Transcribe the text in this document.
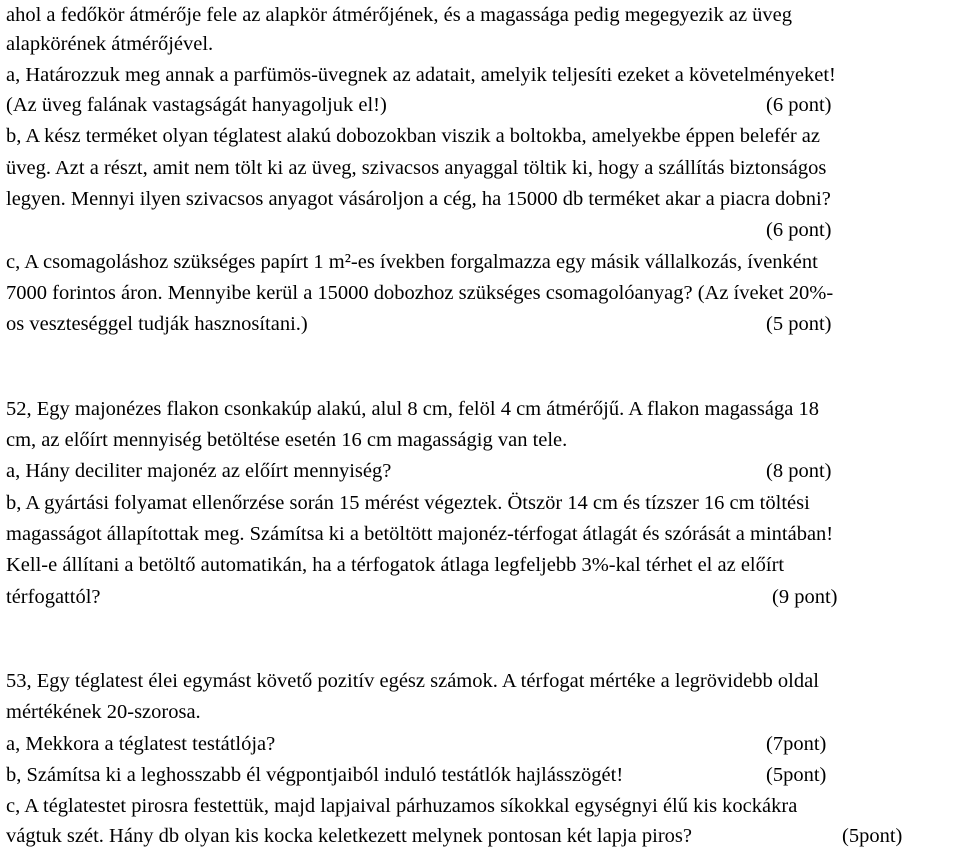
ahol a fedőkör átmérője fele az alapkör átmérőjének, és a magassága pedig megegyezik az üveg
alapkörének átmérőjével.
a, Határozzuk meg annak a parfümös-üvegnek az adatait, amelyik teljesíti ezeket a követelményeket!
(Az üveg falának vastagságát hanyagoljuk el!)	(6 pont)
b, A kész terméket olyan téglatest alakú dobozokban viszik a boltokba, amelyekbe éppen belefér az
üveg. Azt a részt, amit nem tölt ki az üveg, szivacsos anyaggal töltik ki, hogy a szállítás biztonságos
legyen. Mennyi ilyen szivacsos anyagot vásároljon a cég, ha 15000 db terméket akar a piacra dobni?
(6 pont)
c, A csomagoláshoz szükséges papírt 1 m²-es ívekben forgalmazza egy másik vállalkozás, ívenként
7000 forintos áron. Mennyibe kerül a 15000 dobozhoz szükséges csomagolóanyag? (Az íveket 20%-
os veszteséggel tudják hasznosítani.)	(5 pont)
52, Egy majonézes flakon csonkakúp alakú, alul 8 cm, felöl 4 cm átmérőjű. A flakon magassága 18
cm, az előírt mennyiség betöltése esetén 16 cm magasságig van tele.
a, Hány deciliter majonéz az előírt mennyiség?	(8 pont)
b, A gyártási folyamat ellenőrzése során 15 mérést végeztek. Ötször 14 cm és tízszer 16 cm töltési
magasságot állapítottak meg. Számítsa ki a betöltött majonéz-térfogat átlagát és szórását a mintában!
Kell-e állítani a betöltő automatikán, ha a térfogatok átlaga legfeljebb 3%-kal térhet el az előírt
térfogattól?	(9 pont)
53, Egy téglatest élei egymást követő pozitív egész számok. A térfogat mértéke a legrövidebb oldal
mértékének 20-szorosa.
a, Mekkora a téglatest testátlója?	(7pont)
b, Számítsa ki a leghosszabb él végpontjaiból induló testátlók hajlásszögét!	(5pont)
c, A téglatestet pirosra festettük, majd lapjaival párhuzamos síkokkal egységnyi élű kis kockákra
vágtuk szét. Hány db olyan kis kocka keletkezett melynek pontosan két lapja piros?	(5pont)
